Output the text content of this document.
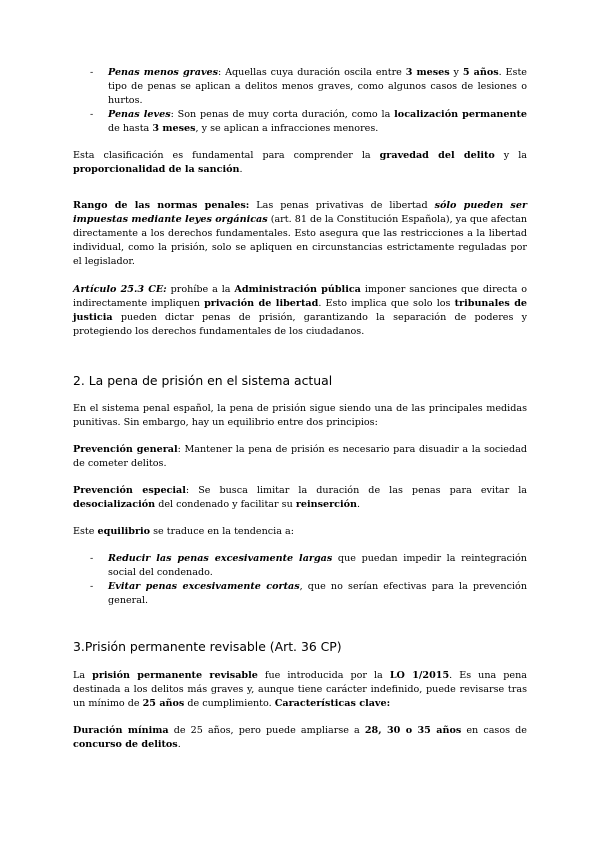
- Penas menos graves: Aquellas cuya duración oscila entre 3 meses y 5 años. Este tipo de penas se aplican a delitos menos graves, como algunos casos de lesiones o hurtos.
- Penas leves: Son penas de muy corta duración, como la localización permanente de hasta 3 meses, y se aplican a infracciones menores.

Esta clasificación es fundamental para comprender la gravedad del delito y la proporcionalidad de la sanción.

Rango de las normas penales: Las penas privativas de libertad sólo pueden ser impuestas mediante leyes orgánicas (art. 81 de la Constitución Española), ya que afectan directamente a los derechos fundamentales. Esto asegura que las restricciones a la libertad individual, como la prisión, solo se apliquen en circunstancias estrictamente reguladas por el legislador.

Artículo 25.3 CE: prohíbe a la Administración pública imponer sanciones que directa o indirectamente impliquen privación de libertad. Esto implica que solo los tribunales de justicia pueden dictar penas de prisión, garantizando la separación de poderes y protegiendo los derechos fundamentales de los ciudadanos.

2. La pena de prisión en el sistema actual

En el sistema penal español, la pena de prisión sigue siendo una de las principales medidas punitivas. Sin embargo, hay un equilibrio entre dos principios:

Prevención general: Mantener la pena de prisión es necesario para disuadir a la sociedad de cometer delitos.

Prevención especial: Se busca limitar la duración de las penas para evitar la desocialización del condenado y facilitar su reinserción.

Este equilibrio se traduce en la tendencia a:

- Reducir las penas excesivamente largas que puedan impedir la reintegración social del condenado.
- Evitar penas excesivamente cortas, que no serían efectivas para la prevención general.
3.Prisión permanente revisable (Art. 36 CP)

La prisión permanente revisable fue introducida por la LO 1/2015. Es una pena destinada a los delitos más graves y, aunque tiene carácter indefinido, puede revisarse tras un mínimo de 25 años de cumplimiento. Características clave:

Duración mínima de 25 años, pero puede ampliarse a 28, 30 o 35 años en casos de concurso de delitos.
